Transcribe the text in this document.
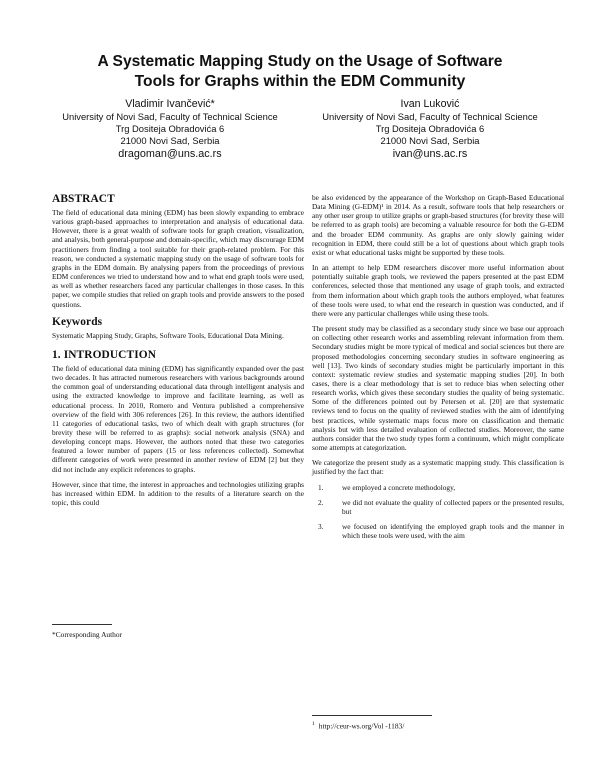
A Systematic Mapping Study on the Usage of Software
Tools for Graphs within the EDM Community
Vladimir Ivančević*
University of Novi Sad, Faculty of Technical Science
Trg Dositeja Obradovića 6
21000 Novi Sad, Serbia
dragoman@uns.ac.rs
Ivan Luković
University of Novi Sad, Faculty of Technical Science
Trg Dositeja Obradovića 6
21000 Novi Sad, Serbia
ivan@uns.ac.rs
ABSTRACT

The field of educational data mining (EDM) has been slowly expanding to embrace various graph-based approaches to interpretation and analysis of educational data. However, there is a great wealth of software tools for graph creation, visualization, and analysis, both general-purpose and domain-specific, which may discourage EDM practitioners from finding a tool suitable for their graph-related problem. For this reason, we conducted a systematic mapping study on the usage of software tools for graphs in the EDM domain. By analysing papers from the proceedings of previous EDM conferences we tried to understand how and to what end graph tools were used, as well as whether researchers faced any particular challenges in those cases. In this paper, we compile studies that relied on graph tools and provide answers to the posed questions.

Keywords

Systematic Mapping Study, Graphs, Software Tools, Educational Data Mining.

1. INTRODUCTION

The field of educational data mining (EDM) has significantly expanded over the past two decades. It has attracted numerous researchers with various backgrounds around the common goal of understanding educational data through intelligent analysis and using the extracted knowledge to improve and facilitate learning, as well as educational process. In 2010, Romero and Ventura published a comprehensive overview of the field with 306 references [26]. In this review, the authors identified 11 categories of educational tasks, two of which dealt with graph structures (for brevity these will be referred to as graphs): social network analysis (SNA) and developing concept maps. However, the authors noted that these two categories featured a lower number of papers (15 or less references collected). Somewhat different categories of work were presented in another review of EDM [2] but they did not include any explicit references to graphs.

However, since that time, the interest in approaches and technologies utilizing graphs has increased within EDM. In addition to the results of a literature search on the topic, this could

be also evidenced by the appearance of the Workshop on Graph-Based Educational Data Mining (G-EDM)¹ in 2014. As a result, software tools that help researchers or any other user group to utilize graphs or graph-based structures (for brevity these will be referred to as graph tools) are becoming a valuable resource for both the G-EDM and the broader EDM community. As graphs are only slowly gaining wider recognition in EDM, there could still be a lot of questions about which graph tools exist or what educational tasks might be supported by these tools.

In an attempt to help EDM researchers discover more useful information about potentially suitable graph tools, we reviewed the papers presented at the past EDM conferences, selected those that mentioned any usage of graph tools, and extracted from them information about which graph tools the authors employed, what features of these tools were used, to what end the research in question was conducted, and if there were any particular challenges while using these tools.

The present study may be classified as a secondary study since we base our approach on collecting other research works and assembling relevant information from them. Secondary studies might be more typical of medical and social sciences but there are proposed methodologies concerning secondary studies in software engineering as well [13]. Two kinds of secondary studies might be particularly important in this context: systematic review studies and systematic mapping studies [20]. In both cases, there is a clear methodology that is set to reduce bias when selecting other research works, which gives these secondary studies the quality of being systematic. Some of the differences pointed out by Petersen et al. [20] are that systematic reviews tend to focus on the quality of reviewed studies with the aim of identifying best practices, while systematic maps focus more on classification and thematic analysis but with less detailed evaluation of collected studies. Moreover, the same authors consider that the two study types form a continuum, which might complicate some attempts at categorization.

We categorize the present study as a systematic mapping study. This classification is justified by the fact that:

1.	we employed a concrete methodology,
2.	we did not evaluate the quality of collected papers or the presented results, but
3.	we focused on identifying the employed graph tools and the manner in which these tools were used, with the aim
*Corresponding Author
$^1$ http://ceur-ws.org/Vol -1183/
